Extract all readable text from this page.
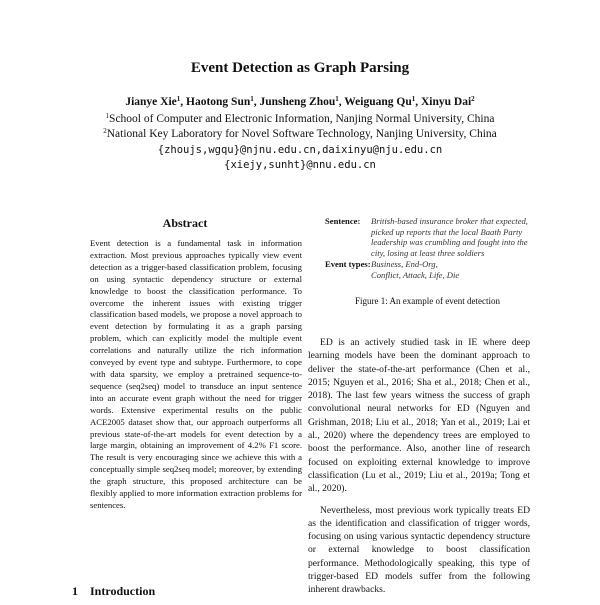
Event Detection as Graph Parsing
Jianye Xie$^1$, Haotong Sun$^1$, Junsheng Zhou$^1$, Weiguang Qu$^1$, Xinyu Dai$^2$
$^1$School of Computer and Electronic Information, Nanjing Normal University, China
$^2$National Key Laboratory for Novel Software Technology, Nanjing University, China
{zhoujs,wgqu}@njnu.edu.cn,daixinyu@nju.edu.cn
{xiejy,sunht}@nnu.edu.cn
Abstract
Event detection is a fundamental task in information extraction. Most previous approaches typically view event detection as a trigger-based classification problem, focusing on using syntactic dependency structure or external knowledge to boost the classification performance. To overcome the inherent issues with existing trigger classification based models, we propose a novel approach to event detection by formulating it as a graph parsing problem, which can explicitly model the multiple event correlations and naturally utilize the rich information conveyed by event type and subtype. Furthermore, to cope with data sparsity, we employ a pretrained sequence-to-sequence (seq2seq) model to transduce an input sentence into an accurate event graph without the need for trigger words. Extensive experimental results on the public ACE2005 dataset show that, our approach outperforms all previous state-of-the-art models for event detection by a large margin, obtaining an improvement of 4.2% F1 score. The result is very encouraging since we achieve this with a conceptually simple seq2seq model; moreover, by extending the graph structure, this proposed architecture can be flexibly applied to more information extraction problems for sentences.
1 Introduction
Sentence:	British-based insurance broker that expected, picked up reports that the local Baath Party leadership was crumbling and fought into the city, losing at least three soldiers
Event types: Business, End-Org,
Conflict, Attack, Life, Die
Figure 1: An example of event detection

ED is an actively studied task in IE where deep learning models have been the dominant approach to deliver the state-of-the-art performance (Chen et al., 2015; Nguyen et al., 2016; Sha et al., 2018; Chen et al., 2018). The last few years witness the success of graph convolutional neural networks for ED (Nguyen and Grishman, 2018; Liu et al., 2018; Yan et al., 2019; Lai et al., 2020) where the dependency trees are employed to boost the performance. Also, another line of research focused on exploiting external knowledge to improve classification (Lu et al., 2019; Liu et al., 2019a; Tong et al., 2020).

Nevertheless, most previous work typically treats ED as the identification and classification of trigger words, focusing on using various syntactic dependency structure or external knowledge to boost classification performance. Methodologically speaking, this type of trigger-based ED models suffer from the following inherent drawbacks.
